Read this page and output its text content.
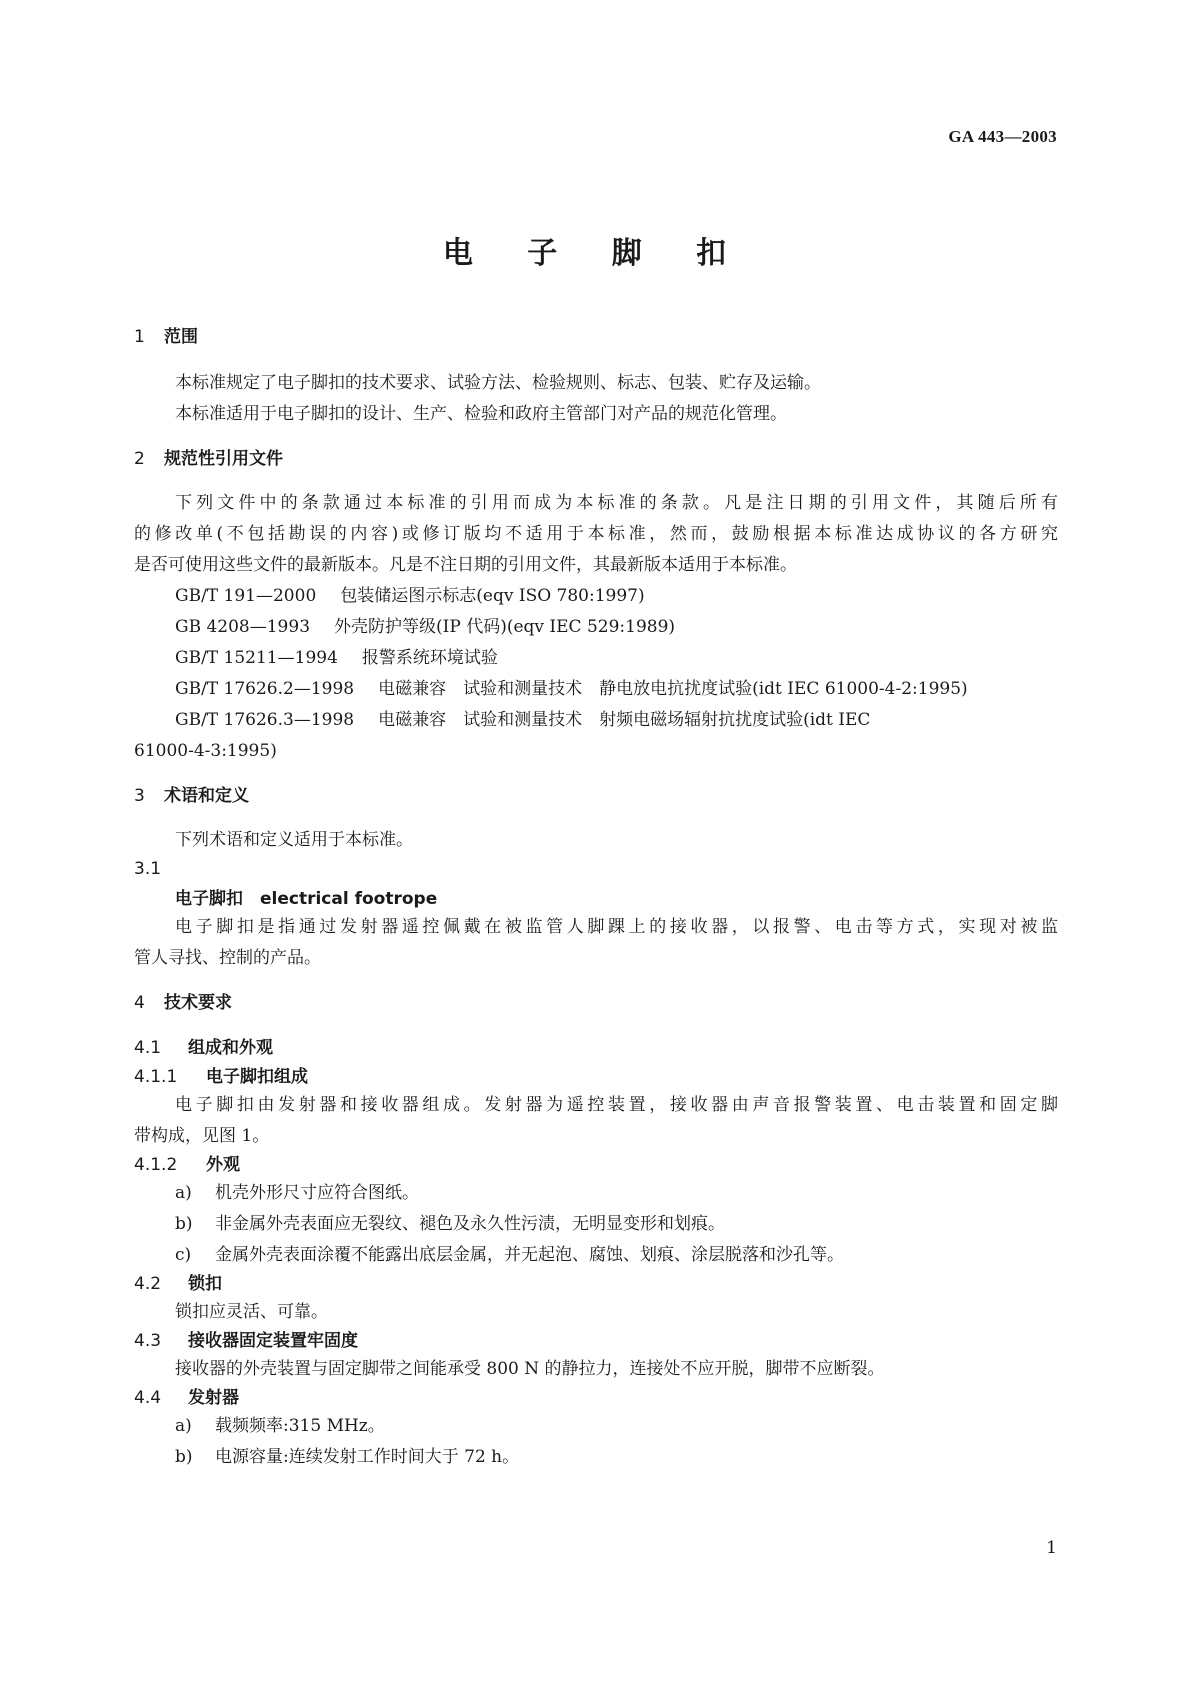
GA 443—2003
电 子 脚 扣
1	范围
本标准规定了电子脚扣的技术要求、试验方法、检验规则、标志、包装、贮存及运输。
本标准适用于电子脚扣的设计、生产、检验和政府主管部门对产品的规范化管理。
2	规范性引用文件
下列文件中的条款通过本标准的引用而成为本标准的条款。凡是注日期的引用文件，其随后所有
的修改单(不包括勘误的内容)或修订版均不适用于本标准，然而，鼓励根据本标准达成协议的各方研究
是否可使用这些文件的最新版本。凡是不注日期的引用文件，其最新版本适用于本标准。
GB/T 191—2000 包装储运图示标志(eqv ISO 780:1997)
GB 4208—1993 外壳防护等级(IP 代码)(eqv IEC 529:1989)
GB/T 15211—1994 报警系统环境试验
GB/T 17626.2—1998 电磁兼容　试验和测量技术　静电放电抗扰度试验(idt IEC 61000-4-2:1995)
GB/T 17626.3—1998 电磁兼容　试验和测量技术　射频电磁场辐射抗扰度试验(idt IEC
61000-4-3:1995)
3	术语和定义
下列术语和定义适用于本标准。
3.1
电子脚扣　electrical footrope
电子脚扣是指通过发射器遥控佩戴在被监管人脚踝上的接收器，以报警、电击等方式，实现对被监
管人寻找、控制的产品。
4	技术要求
4.1	组成和外观
4.1.1	电子脚扣组成
电子脚扣由发射器和接收器组成。发射器为遥控装置，接收器由声音报警装置、电击装置和固定脚
带构成，见图 1。
4.1.2	外观
a)	机壳外形尺寸应符合图纸。
b)	非金属外壳表面应无裂纹、褪色及永久性污渍，无明显变形和划痕。
c)	金属外壳表面涂覆不能露出底层金属，并无起泡、腐蚀、划痕、涂层脱落和沙孔等。
4.2	锁扣
锁扣应灵活、可靠。
4.3	接收器固定装置牢固度
接收器的外壳装置与固定脚带之间能承受 800 N 的静拉力，连接处不应开脱，脚带不应断裂。
4.4	发射器
a)	载频频率:315 MHz。
b)	电源容量:连续发射工作时间大于 72 h。
1
